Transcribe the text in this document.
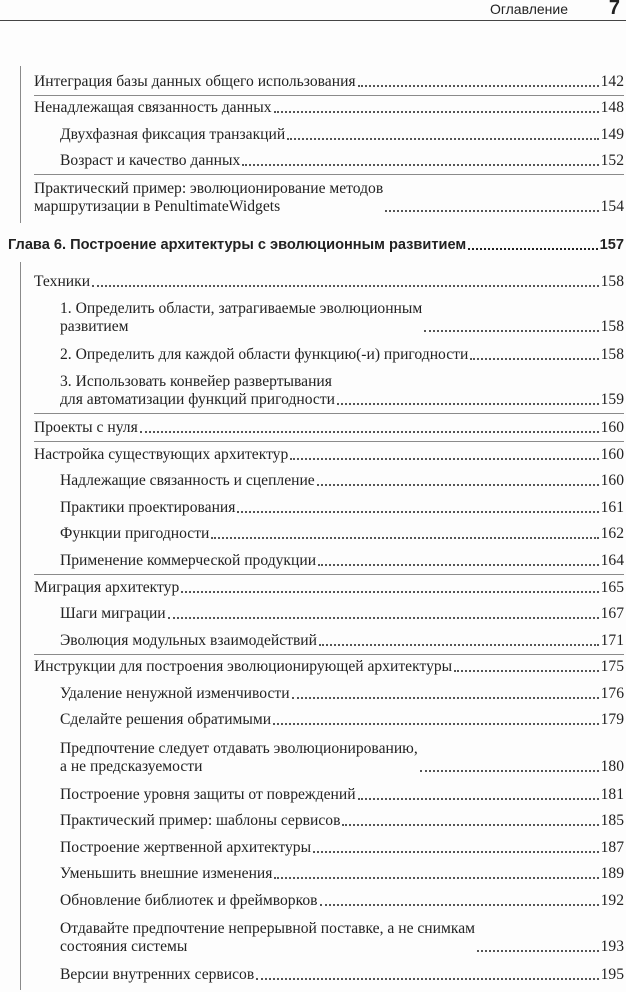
Оглавление 7
Интеграция базы данных общего использования	142
Ненадлежащая связанность данных	148
Двухфазная фиксация транзакций	149
Возраст и качество данных	152
Практический пример: эволюционирование методов
маршрутизации в PenultimateWidgets	154
Глава 6. Построение архитектуры с эволюционным развитием	157
Техники	158
1. Определить области, затрагиваемые эволюционным
развитием	158
2. Определить для каждой области функцию(-и) пригодности	158
3. Использовать конвейер развертывания
для автоматизации функций пригодности	159
Проекты с нуля	160
Настройка существующих архитектур	160
Надлежащие связанность и сцепление	160
Практики проектирования	161
Функции пригодности	162
Применение коммерческой продукции	164
Миграция архитектур	165
Шаги миграции	167
Эволюция модульных взаимодействий	171
Инструкции для построения эволюционирующей архитектуры	175
Удаление ненужной изменчивости	176
Сделайте решения обратимыми	179
Предпочтение следует отдавать эволюционированию,
а не предсказуемости	180
Построение уровня защиты от повреждений	181
Практический пример: шаблоны сервисов	185
Построение жертвенной архитектуры	187
Уменьшить внешние изменения	189
Обновление библиотек и фреймворков	192
Отдавайте предпочтение непрерывной поставке, а не снимкам
состояния системы	193
Версии внутренних сервисов	195
